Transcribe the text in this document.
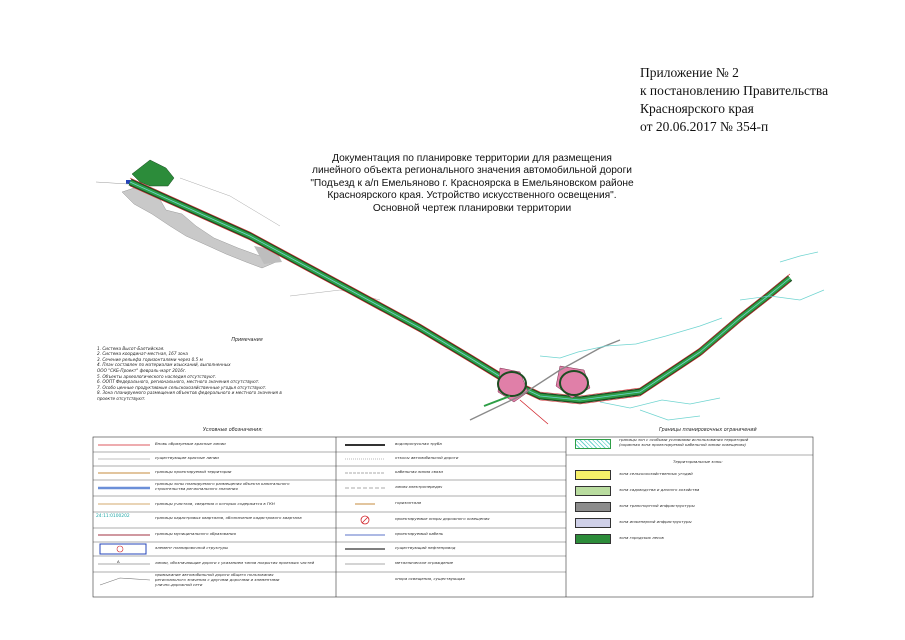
Приложение № 2
к постановлению Правительства
Красноярского края
от 20.06.2017 № 354-п
Документация по планировке территории для размещения
линейного объекта регионального значения автомобильной дороги
"Подъезд к а/п Емельяново г. Красноярска в Емельяновском районе
Красноярского края. Устройство искусственного освещения".
Основной чертеж планировки территории
Примечания
1. Система Высот-Балтийская.
2. Система координат-местная, 167 зона
3. Сечение рельефа горизонталями через 0.5 м
4. План составлен по материалам изысканий, выполненных
ООО "СКБ-Проект" февраль-март 2016г.
5. Объекты археологического наследия отсутствуют.
6. ООПТ Федерального, регионального, местного значения отсутствуют.
7. Особо ценные продуктивные сельскохозяйственные угодья отсутствуют.
8. Зона планируемого размещения объектов федерального и местного значения в
проекте отсутствуют.
Условные обозначения:	Границы планировочных ограничений
Вновь образуемые красные линии
существующие красные линии
границы проектируемой территории
границы зоны планируемого размещения объекта капитального
строительства регионального значения
границы участков, сведения о которых содержатся в ГКН
24:11:0100202	границы кадастровых кварталов, обозначение кадастрового квартала
границы муниципального образования
элемент планировочной структуры
A	линии, обозначающие дороги с указанием типов покрытия проезжих частей
примыкание автомобильной дороги общего пользования
регионального значения с другими дорогами и элементами
улично-дорожной сети
водопропускная труба
откосы автомобильной дороги
кабельная линия связи
линия электропередач
горизонтали
проектируемые опоры дорожного освещения
проектируемый кабель
существующий нефтепровод
металлическое ограждение
опора освещения, существующая
границы зон с особыми условиями использования территорий
(охранная зона проектируемой кабельной линии освещения)
Территориальные зоны:
зона сельскохозяйственных угодий
зона садоводства и дачного хозяйства
зона транспортной инфраструктуры
зона инженерной инфраструктуры
зона городских лесов
